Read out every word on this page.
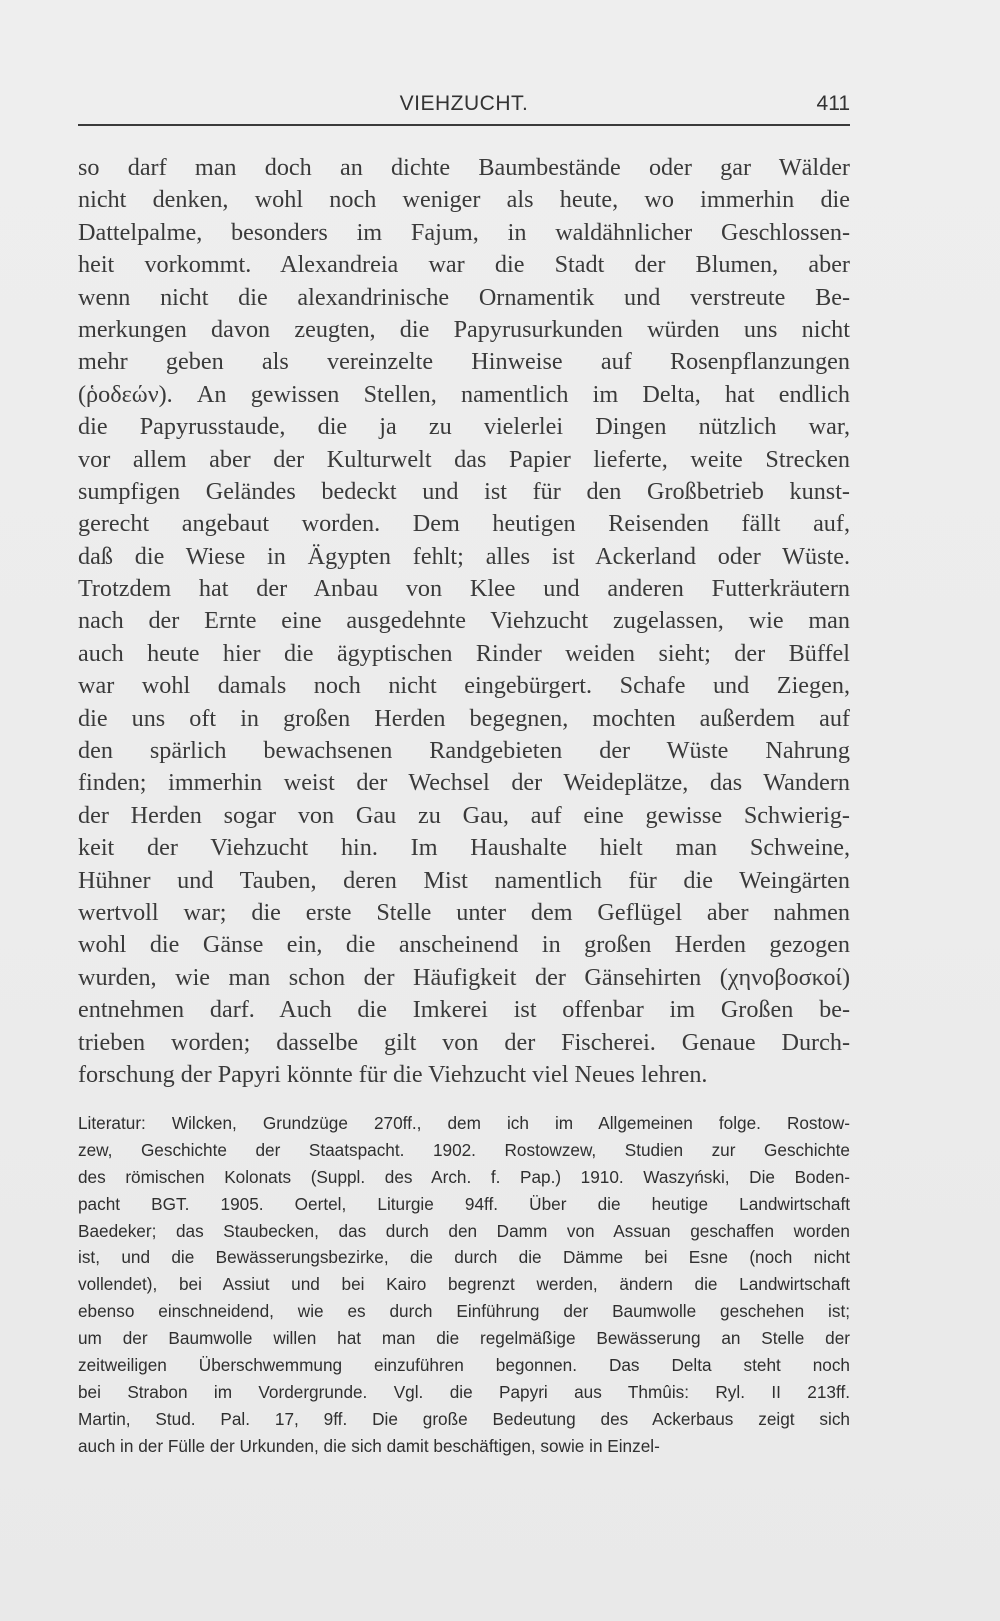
VIEHZUCHT.	411
so darf man doch an dichte Baumbestände oder gar Wälder
nicht denken, wohl noch weniger als heute, wo immerhin die
Dattelpalme, besonders im Fajum, in waldähnlicher Geschlossen-
heit vorkommt. Alexandreia war die Stadt der Blumen, aber
wenn nicht die alexandrinische Ornamentik und verstreute Be-
merkungen davon zeugten, die Papyrusurkunden würden uns nicht
mehr geben als vereinzelte Hinweise auf Rosenpflanzungen
(ῥοδεών). An gewissen Stellen, namentlich im Delta, hat endlich
die Papyrusstaude, die ja zu vielerlei Dingen nützlich war,
vor allem aber der Kulturwelt das Papier lieferte, weite Strecken
sumpfigen Geländes bedeckt und ist für den Großbetrieb kunst-
gerecht angebaut worden. Dem heutigen Reisenden fällt auf,
daß die Wiese in Ägypten fehlt; alles ist Ackerland oder Wüste.
Trotzdem hat der Anbau von Klee und anderen Futterkräutern
nach der Ernte eine ausgedehnte Viehzucht zugelassen, wie man
auch heute hier die ägyptischen Rinder weiden sieht; der Büffel
war wohl damals noch nicht eingebürgert. Schafe und Ziegen,
die uns oft in großen Herden begegnen, mochten außerdem auf
den spärlich bewachsenen Randgebieten der Wüste Nahrung
finden; immerhin weist der Wechsel der Weideplätze, das Wandern
der Herden sogar von Gau zu Gau, auf eine gewisse Schwierig-
keit der Viehzucht hin. Im Haushalte hielt man Schweine,
Hühner und Tauben, deren Mist namentlich für die Weingärten
wertvoll war; die erste Stelle unter dem Geflügel aber nahmen
wohl die Gänse ein, die anscheinend in großen Herden gezogen
wurden, wie man schon der Häufigkeit der Gänsehirten (χηνοβοσκοί)
entnehmen darf. Auch die Imkerei ist offenbar im Großen be-
trieben worden; dasselbe gilt von der Fischerei. Genaue Durch-
forschung der Papyri könnte für die Viehzucht viel Neues lehren.
Literatur: Wilcken, Grundzüge 270ff., dem ich im Allgemeinen folge. Rostow-
zew, Geschichte der Staatspacht. 1902. Rostowzew, Studien zur Geschichte
des römischen Kolonats (Suppl. des Arch. f. Pap.) 1910. Waszyński, Die Boden-
pacht BGT. 1905. Oertel, Liturgie 94ff. Über die heutige Landwirtschaft
Baedeker; das Staubecken, das durch den Damm von Assuan geschaffen worden
ist, und die Bewässerungsbezirke, die durch die Dämme bei Esne (noch nicht
vollendet), bei Assiut und bei Kairo begrenzt werden, ändern die Landwirtschaft
ebenso einschneidend, wie es durch Einführung der Baumwolle geschehen ist;
um der Baumwolle willen hat man die regelmäßige Bewässerung an Stelle der
zeitweiligen Überschwemmung einzuführen begonnen. Das Delta steht noch
bei Strabon im Vordergrunde. Vgl. die Papyri aus Thmûis: Ryl. II 213ff.
Martin, Stud. Pal. 17, 9ff. Die große Bedeutung des Ackerbaus zeigt sich
auch in der Fülle der Urkunden, die sich damit beschäftigen, sowie in Einzel-
